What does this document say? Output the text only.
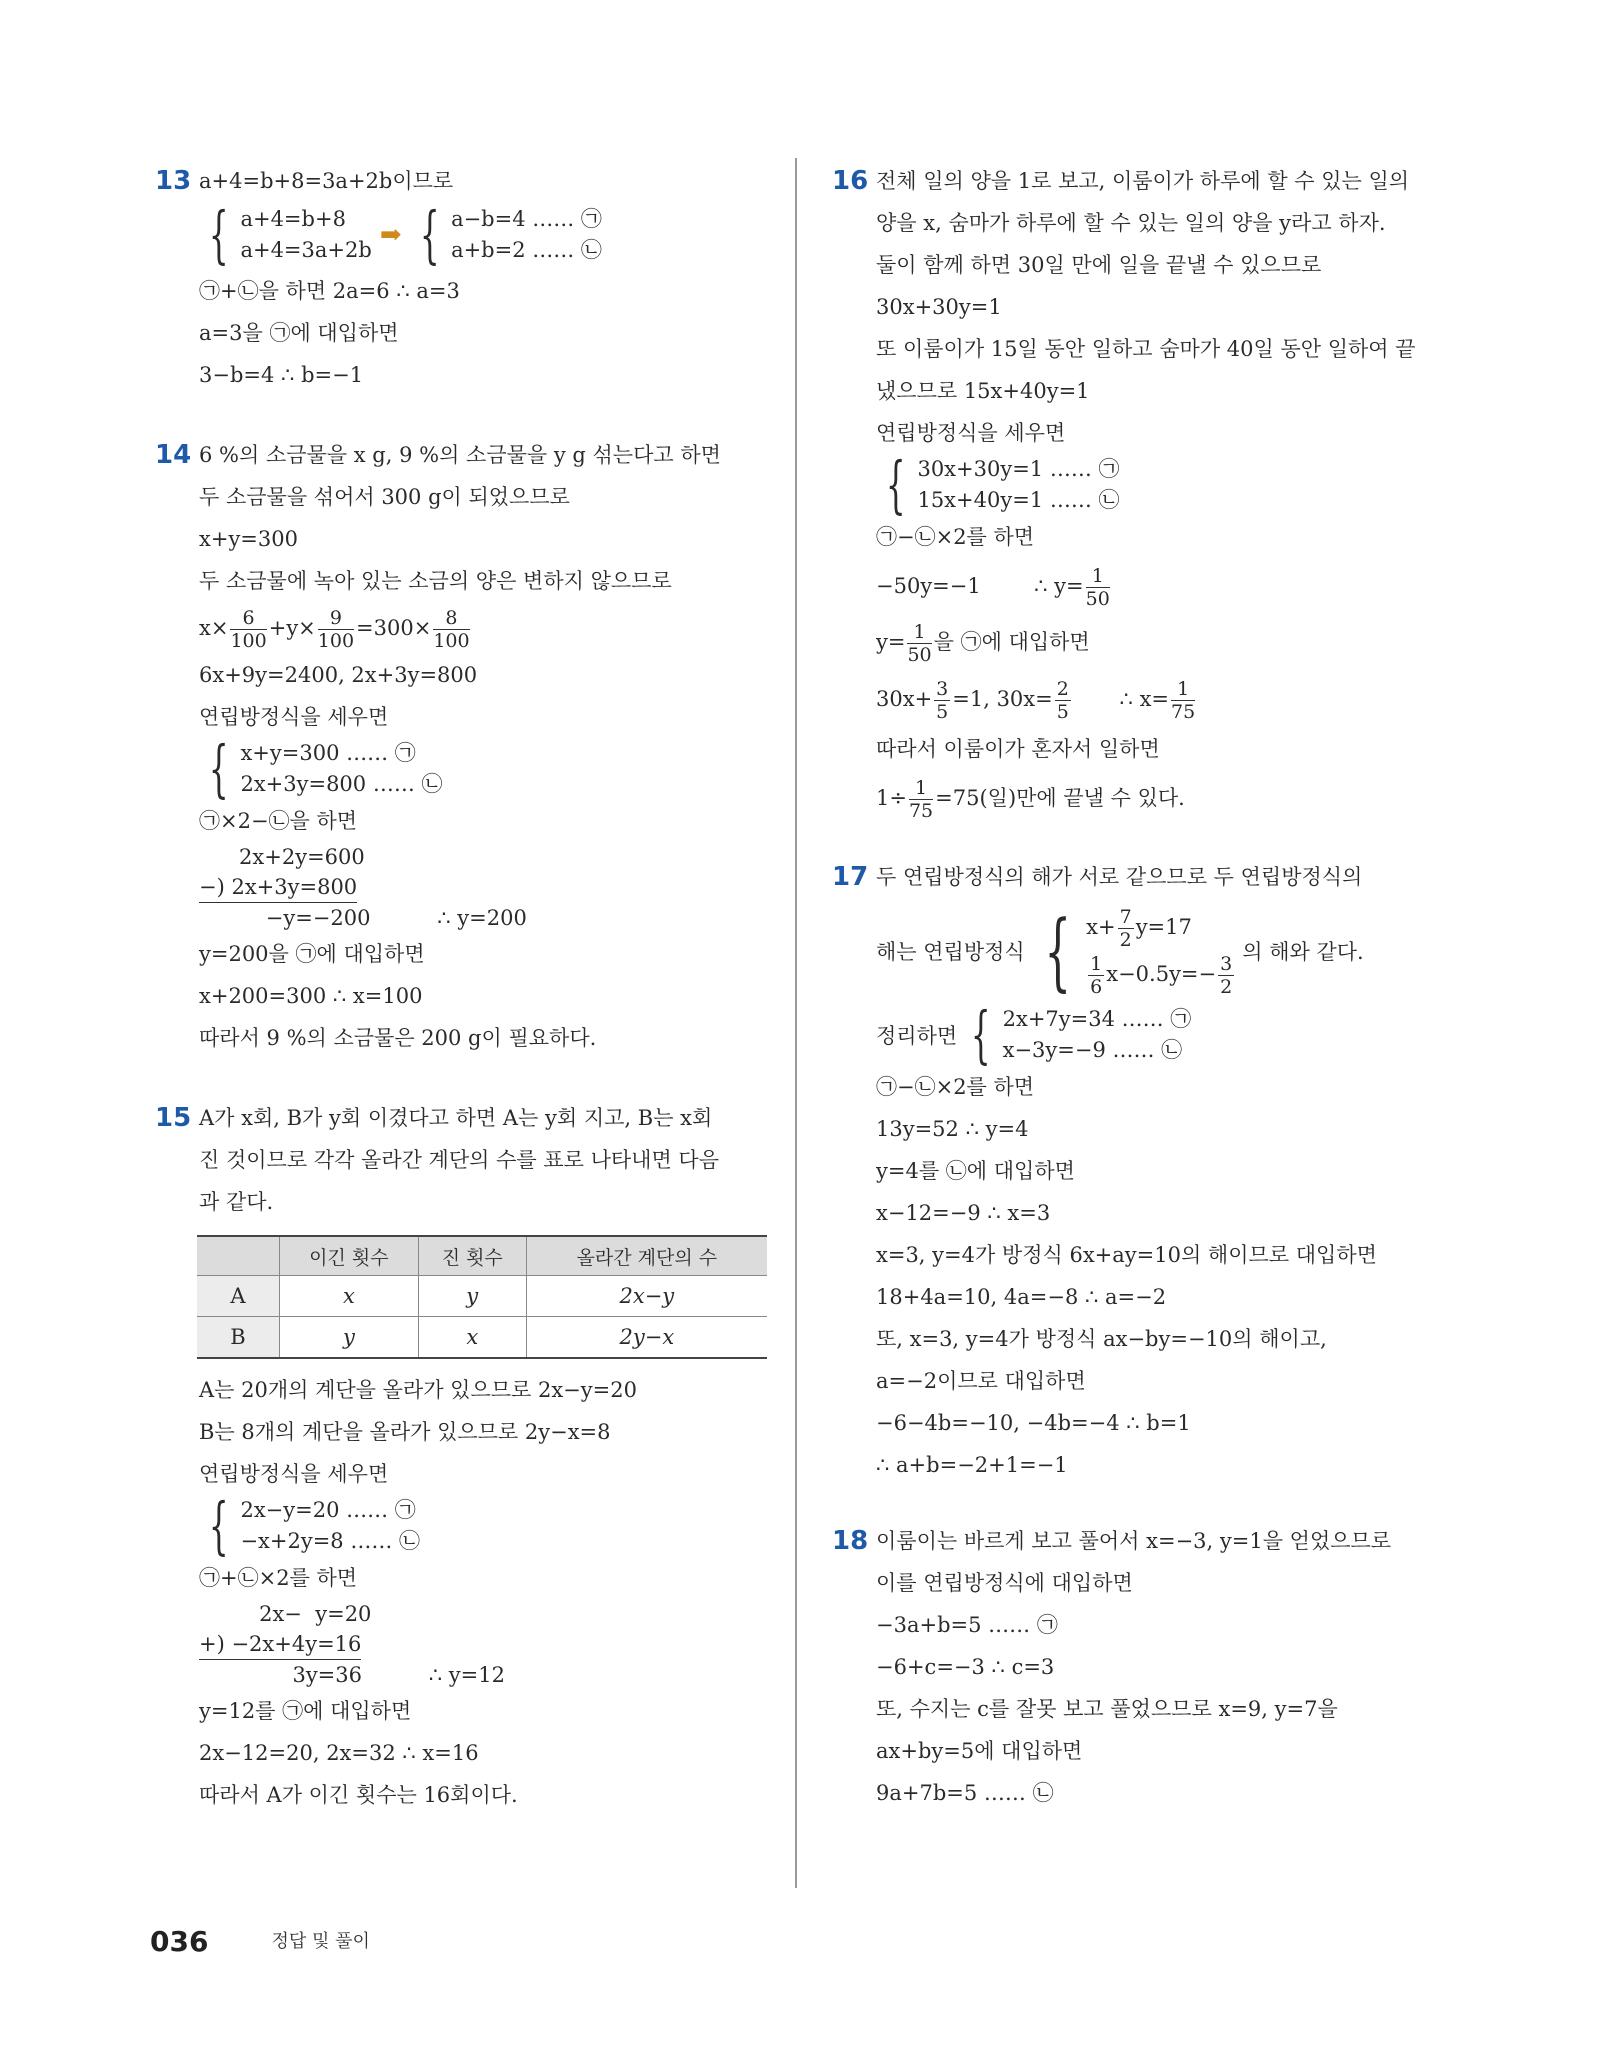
13 a+4=b+8=3a+2b이므로
{ a+4=b+8
a+4=3a+2b ➡ { a−b=4 …… ㉠
a+b=2 …… ㉡
㉠+㉡을 하면 2a=6 ∴ a=3
a=3을 ㉠에 대입하면
3−b=4 ∴ b=−1
14 6 %의 소금물을 x g, 9 %의 소금물을 y g 섞는다고 하면
두 소금물을 섞어서 300 g이 되었으므로
x+y=300
두 소금물에 녹아 있는 소금의 양은 변하지 않으므로
$x\times \frac{6}{100} +y\times \frac{9}{100} =300\times \frac{8}{100}$
6x+9y=2400, 2x+3y=800
연립방정식을 세우면
{ x+y=300 …… ㉠
2x+3y=800 …… ㉡
㉠×2−㉡을 하면
2x+2y=600
−) 2x+3y=800
−y=−200          ∴ y=200
y=200을 ㉠에 대입하면
x+200=300 ∴ x=100
따라서 9 %의 소금물은 200 g이 필요하다.
15 A가 x회, B가 y회 이겼다고 하면 A는 y회 지고, B는 x회
진 것이므로 각각 올라간 계단의 수를 표로 나타내면 다음
과 같다.
	이긴 횟수	진 횟수	올라간 계단의 수
A	x	y	2x−y
B	y	x	2y−x
A는 20개의 계단을 올라가 있으므로 2x−y=20
B는 8개의 계단을 올라가 있으므로 2y−x=8
연립방정식을 세우면
{ 2x−y=20 …… ㉠
−x+2y=8 …… ㉡
㉠+㉡×2를 하면
2x−  y=20
+) −2x+4y=16
3y=36          ∴ y=12
y=12를 ㉠에 대입하면
2x−12=20, 2x=32 ∴ x=16
따라서 A가 이긴 횟수는 16회이다.
16 전체 일의 양을 1로 보고, 이룸이가 하루에 할 수 있는 일의
양을 x, 숨마가 하루에 할 수 있는 일의 양을 y라고 하자.
둘이 함께 하면 30일 만에 일을 끝낼 수 있으므로
30x+30y=1
또 이룸이가 15일 동안 일하고 숨마가 40일 동안 일하여 끝
냈으므로 15x+40y=1
연립방정식을 세우면
{ 30x+30y=1 …… ㉠
15x+40y=1 …… ㉡
㉠−㉡×2를 하면
−50y=−1        ∴ $y= \frac{1}{50}$
$y= \frac{1}{50}$ 을 ㉠에 대입하면
$30x+ \frac{3}{5} =1$, $30x= \frac{2}{5}$ ∴ $x= \frac{1}{75}$
따라서 이룸이가 혼자서 일하면
$1\div \frac{1}{75} =75$(일)만에 끝낼 수 있다.
17 두 연립방정식의 해가 서로 같으므로 두 연립방정식의
해는 연립방정식 { $x+ \frac{7}{2} y=17$
$\frac{1}{6} x-0.5y=- \frac{3}{2}$
의 해와 같다.
정리하면 { 2x+7y=34 …… ㉠
x−3y=−9 …… ㉡
㉠−㉡×2를 하면
13y=52 ∴ y=4
y=4를 ㉡에 대입하면
x−12=−9 ∴ x=3
x=3, y=4가 방정식 6x+ay=10의 해이므로 대입하면
18+4a=10, 4a=−8 ∴ a=−2
또, x=3, y=4가 방정식 ax−by=−10의 해이고,
a=−2이므로 대입하면
−6−4b=−10, −4b=−4 ∴ b=1
∴ a+b=−2+1=−1
18 이룸이는 바르게 보고 풀어서 x=−3, y=1을 얻었으므로
이를 연립방정식에 대입하면
−3a+b=5 …… ㉠
−6+c=−3 ∴ c=3
또, 수지는 c를 잘못 보고 풀었으므로 x=9, y=7을
ax+by=5에 대입하면
9a+7b=5 …… ㉡
036	정답 및 풀이
